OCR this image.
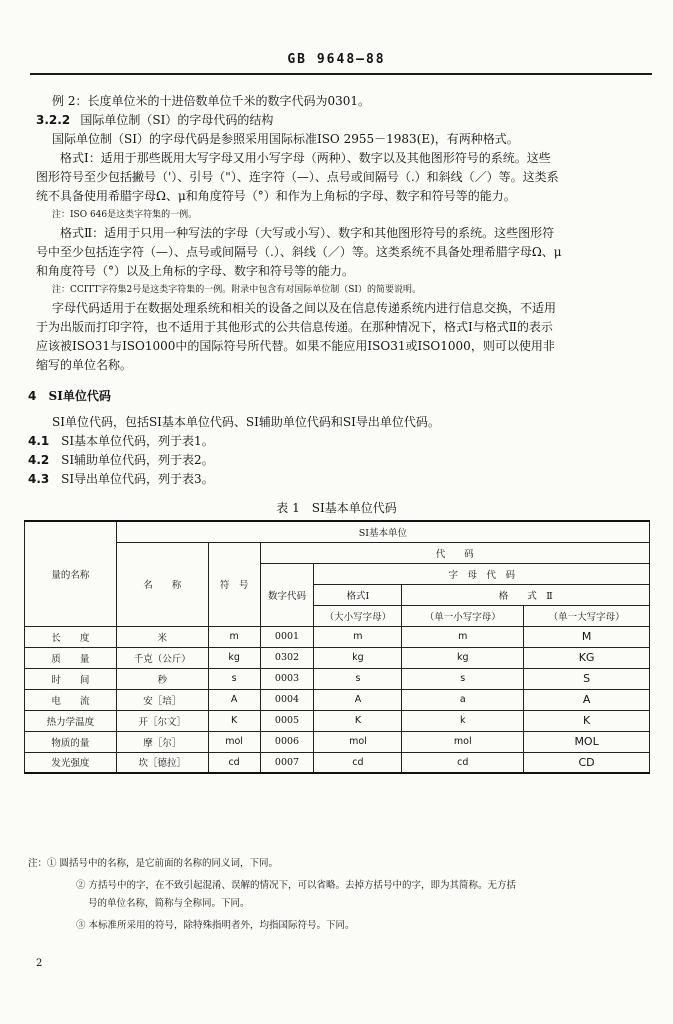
GB 9648—88
例 2：长度单位米的十进倍数单位千米的数字代码为0301。
3.2.2 国际单位制（SI）的字母代码的结构
国际单位制（SI）的字母代码是参照采用国际标准ISO 2955－1983(E)，有两种格式。
格式Ⅰ：适用于那些既用大写字母又用小写字母（两种）、数字以及其他图形符号的系统。这些
图形符号至少包括撇号（'）、引号（"）、连字符（—）、点号或间隔号（.）和斜线（／）等。这类系
统不具备使用希腊字母Ω、μ和角度符号（°）和作为上角标的字母、数字和符号等的能力。
注：ISO 646是这类字符集的一例。
格式Ⅱ：适用于只用一种写法的字母（大写或小写）、数字和其他图形符号的系统。这些图形符
号中至少包括连字符（—）、点号或间隔号（.）、斜线（／）等。这类系统不具备处理希腊字母Ω、μ
和角度符号（°）以及上角标的字母、数字和符号等的能力。
注：CCITT字符集2号是这类字符集的一例。附录中包含有对国际单位制（SI）的简要说明。
字母代码适用于在数据处理系统和相关的设备之间以及在信息传递系统内进行信息交换，不适用
于为出版而打印字符，也不适用于其他形式的公共信息传递。在那种情况下，格式Ⅰ与格式Ⅱ的表示
应该被ISO31与ISO1000中的国际符号所代替。如果不能应用ISO31或ISO1000，则可以使用非
缩写的单位名称。
4 SI单位代码
SI单位代码，包括SI基本单位代码、SI辅助单位代码和SI导出单位代码。
4.1 SI基本单位代码，列于表1。
4.2 SI辅助单位代码，列于表2。
4.3 SI导出单位代码，列于表3。
表 1　SI基本单位代码
量的名称	SI基本单位					
	名　　称	符　号	代　　码			
			数字代码	字　母　代　码		
				格式Ⅰ	格　　式　Ⅱ	
				（大小写字母）	（单一小写字母）	（单一大写字母）
长　　度	米	m	0001	m	m	M
质　　量	千克（公斤）	kg	0302	kg	kg	KG
时　　间	秒	s	0003	s	s	S
电　　流	安［培］	A	0004	A	a	A
热力学温度	开［尔文］	K	0005	K	k	K
物质的量	摩［尔］	mol	0006	mol	mol	MOL
发光强度	坎［德拉］	cd	0007	cd	cd	CD
注：① 圆括号中的名称，是它前面的名称的同义词，下同。
② 方括号中的字，在不致引起混淆、误解的情况下，可以省略。去掉方括号中的字，即为其简称。无方括
号的单位名称，简称与全称同。下同。
③ 本标准所采用的符号，除特殊指明者外，均指国际符号。下同。
2
